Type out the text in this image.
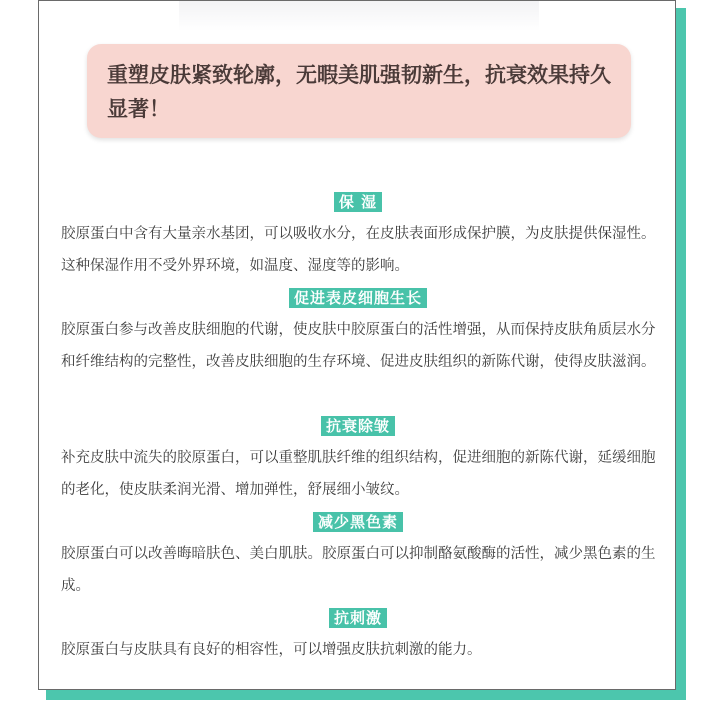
重塑皮肤紧致轮廓，无暇美肌强韧新生，抗衰效果持久显著！
保 湿
胶原蛋白中含有大量亲水基团，可以吸收水分，在皮肤表面形成保护膜，为皮肤提供保湿性。这种保湿作用不受外界环境，如温度、湿度等的影响。
促进表皮细胞生长
胶原蛋白参与改善皮肤细胞的代谢，使皮肤中胶原蛋白的活性增强，从而保持皮肤角质层水分和纤维结构的完整性，改善皮肤细胞的生存环境、促进皮肤组织的新陈代谢，使得皮肤滋润。
抗衰除皱
补充皮肤中流失的胶原蛋白，可以重整肌肤纤维的组织结构，促进细胞的新陈代谢，延缓细胞的老化，使皮肤柔润光滑、增加弹性，舒展细小皱纹。
减少黑色素
胶原蛋白可以改善晦暗肤色、美白肌肤。胶原蛋白可以抑制酪氨酸酶的活性，减少黑色素的生成。
抗刺激
胶原蛋白与皮肤具有良好的相容性，可以增强皮肤抗刺激的能力。
